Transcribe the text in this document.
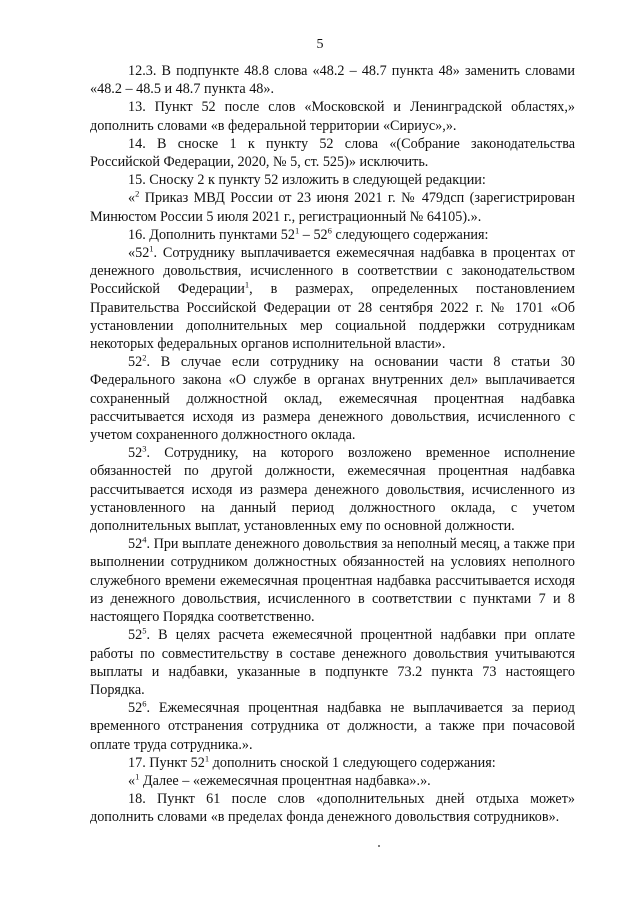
5

12.3. В подпункте 48.8 слова «48.2 – 48.7 пункта 48» заменить словами «48.2 – 48.5 и 48.7 пункта 48».

13. Пункт 52 после слов «Московской и Ленинградской областях,» дополнить словами «в федеральной территории «Сириус»,».

14. В сноске 1 к пункту 52 слова «(Собрание законодательства Российской Федерации, 2020, № 5, ст. 525)» исключить.

15. Сноску 2 к пункту 52 изложить в следующей редакции:

«$^2$ Приказ МВД России от 23 июня 2021 г. № 479дсп (зарегистрирован Минюстом России 5 июля 2021 г., регистрационный № 64105).».

16. Дополнить пунктами $52^1 - 52^6$ следующего содержания:

«$52^1$. Сотруднику выплачивается ежемесячная надбавка в процентах от денежного довольствия, исчисленного в соответствии с законодательством Российской Федерации$^1$, в размерах, определенных постановлением Правительства Российской Федерации от 28 сентября 2022 г. № 1701 «Об установлении дополнительных мер социальной поддержки сотрудникам некоторых федеральных органов исполнительной власти».

$52^2$. В случае если сотруднику на основании части 8 статьи 30 Федерального закона «О службе в органах внутренних дел» выплачивается сохраненный должностной оклад, ежемесячная процентная надбавка рассчитывается исходя из размера денежного довольствия, исчисленного с учетом сохраненного должностного оклада.

$52^3$. Сотруднику, на которого возложено временное исполнение обязанностей по другой должности, ежемесячная процентная надбавка рассчитывается исходя из размера денежного довольствия, исчисленного из установленного на данный период должностного оклада, с учетом дополнительных выплат, установленных ему по основной должности.

$52^4$. При выплате денежного довольствия за неполный месяц, а также при выполнении сотрудником должностных обязанностей на условиях неполного служебного времени ежемесячная процентная надбавка рассчитывается исходя из денежного довольствия, исчисленного в соответствии с пунктами 7 и 8 настоящего Порядка соответственно.

$52^5$. В целях расчета ежемесячной процентной надбавки при оплате работы по совместительству в составе денежного довольствия учитываются выплаты и надбавки, указанные в подпункте 73.2 пункта 73 настоящего Порядка.

$52^6$. Ежемесячная процентная надбавка не выплачивается за период временного отстранения сотрудника от должности, а также при почасовой оплате труда сотрудника.».

17. Пункт $52^1$ дополнить сноской 1 следующего содержания:

«$^1$ Далее – «ежемесячная процентная надбавка».».

18. Пункт 61 после слов «дополнительных дней отдыха может» дополнить словами «в пределах фонда денежного довольствия сотрудников».
